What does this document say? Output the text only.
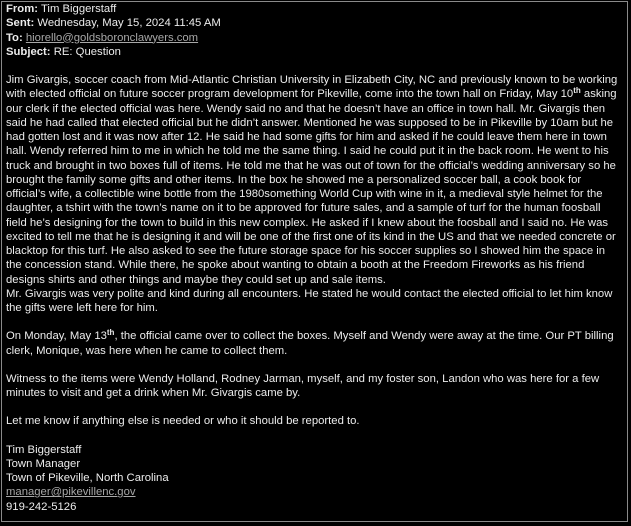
From: Tim Biggerstaff
Sent: Wednesday, May 15, 2024 11:45 AM
To: hiorello@goldsboronclawyers.com
Subject: RE: Question

Jim Givargis, soccer coach from Mid-Atlantic Christian University in Elizabeth City, NC and previously known to be working with elected official on future soccer program development for Pikeville, come into the town hall on Friday, May 10th asking our clerk if the elected official was here. Wendy said no and that he doesn’t have an office in town hall. Mr. Givargis then said he had called that elected official but he didn’t answer. Mentioned he was supposed to be in Pikeville by 10am but he had gotten lost and it was now after 12. He said he had some gifts for him and asked if he could leave them here in town hall. Wendy referred him to me in which he told me the same thing. I said he could put it in the back room. He went to his truck and brought in two boxes full of items. He told me that he was out of town for the official’s wedding anniversary so he brought the family some gifts and other items. In the box he showed me a personalized soccer ball, a cook book for official’s wife, a collectible wine bottle from the 1980something World Cup with wine in it, a medieval style helmet for the daughter, a tshirt with the town’s name on it to be approved for future sales, and a sample of turf for the human foosball field he’s designing for the town to build in this new complex. He asked if I knew about the foosball and I said no. He was excited to tell me that he is designing it and will be one of the first one of its kind in the US and that we needed concrete or blacktop for this turf. He also asked to see the future storage space for his soccer supplies so I showed him the space in the concession stand. While there, he spoke about wanting to obtain a booth at the Freedom Fireworks as his friend designs shirts and other things and maybe they could set up and sale items.

Mr. Givargis was very polite and kind during all encounters. He stated he would contact the elected official to let him know the gifts were left here for him.

On Monday, May 13th, the official came over to collect the boxes. Myself and Wendy were away at the time. Our PT billing clerk, Monique, was here when he came to collect them.

Witness to the items were Wendy Holland, Rodney Jarman, myself, and my foster son, Landon who was here for a few minutes to visit and get a drink when Mr. Givargis came by.

Let me know if anything else is needed or who it should be reported to.

Tim Biggerstaff
Town Manager
Town of Pikeville, North Carolina
manager@pikevillenc.gov
919-242-5126
